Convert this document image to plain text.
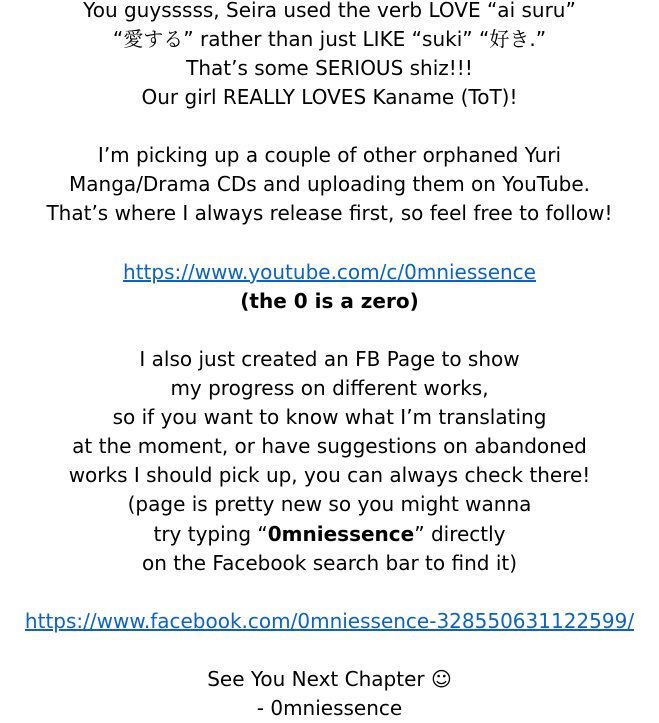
You guysssss, Seira used the verb LOVE “ai suru”
“愛する” rather than just LIKE “suki” “好き.”
That’s some SERIOUS shiz!!!
Our girl REALLY LOVES Kaname (ToT)!
I’m picking up a couple of other orphaned Yuri
Manga/Drama CDs and uploading them on YouTube.
That’s where I always release first, so feel free to follow!
https://www.youtube.com/c/0mniessence
(the 0 is a zero)
I also just created an FB Page to show
my progress on different works,
so if you want to know what I’m translating
at the moment, or have suggestions on abandoned
works I should pick up, you can always check there!
(page is pretty new so you might wanna
try typing “0mniessence” directly
on the Facebook search bar to find it)
https://www.facebook.com/0mniessence-328550631122599/
See You Next Chapter ☺
- 0mniessence
